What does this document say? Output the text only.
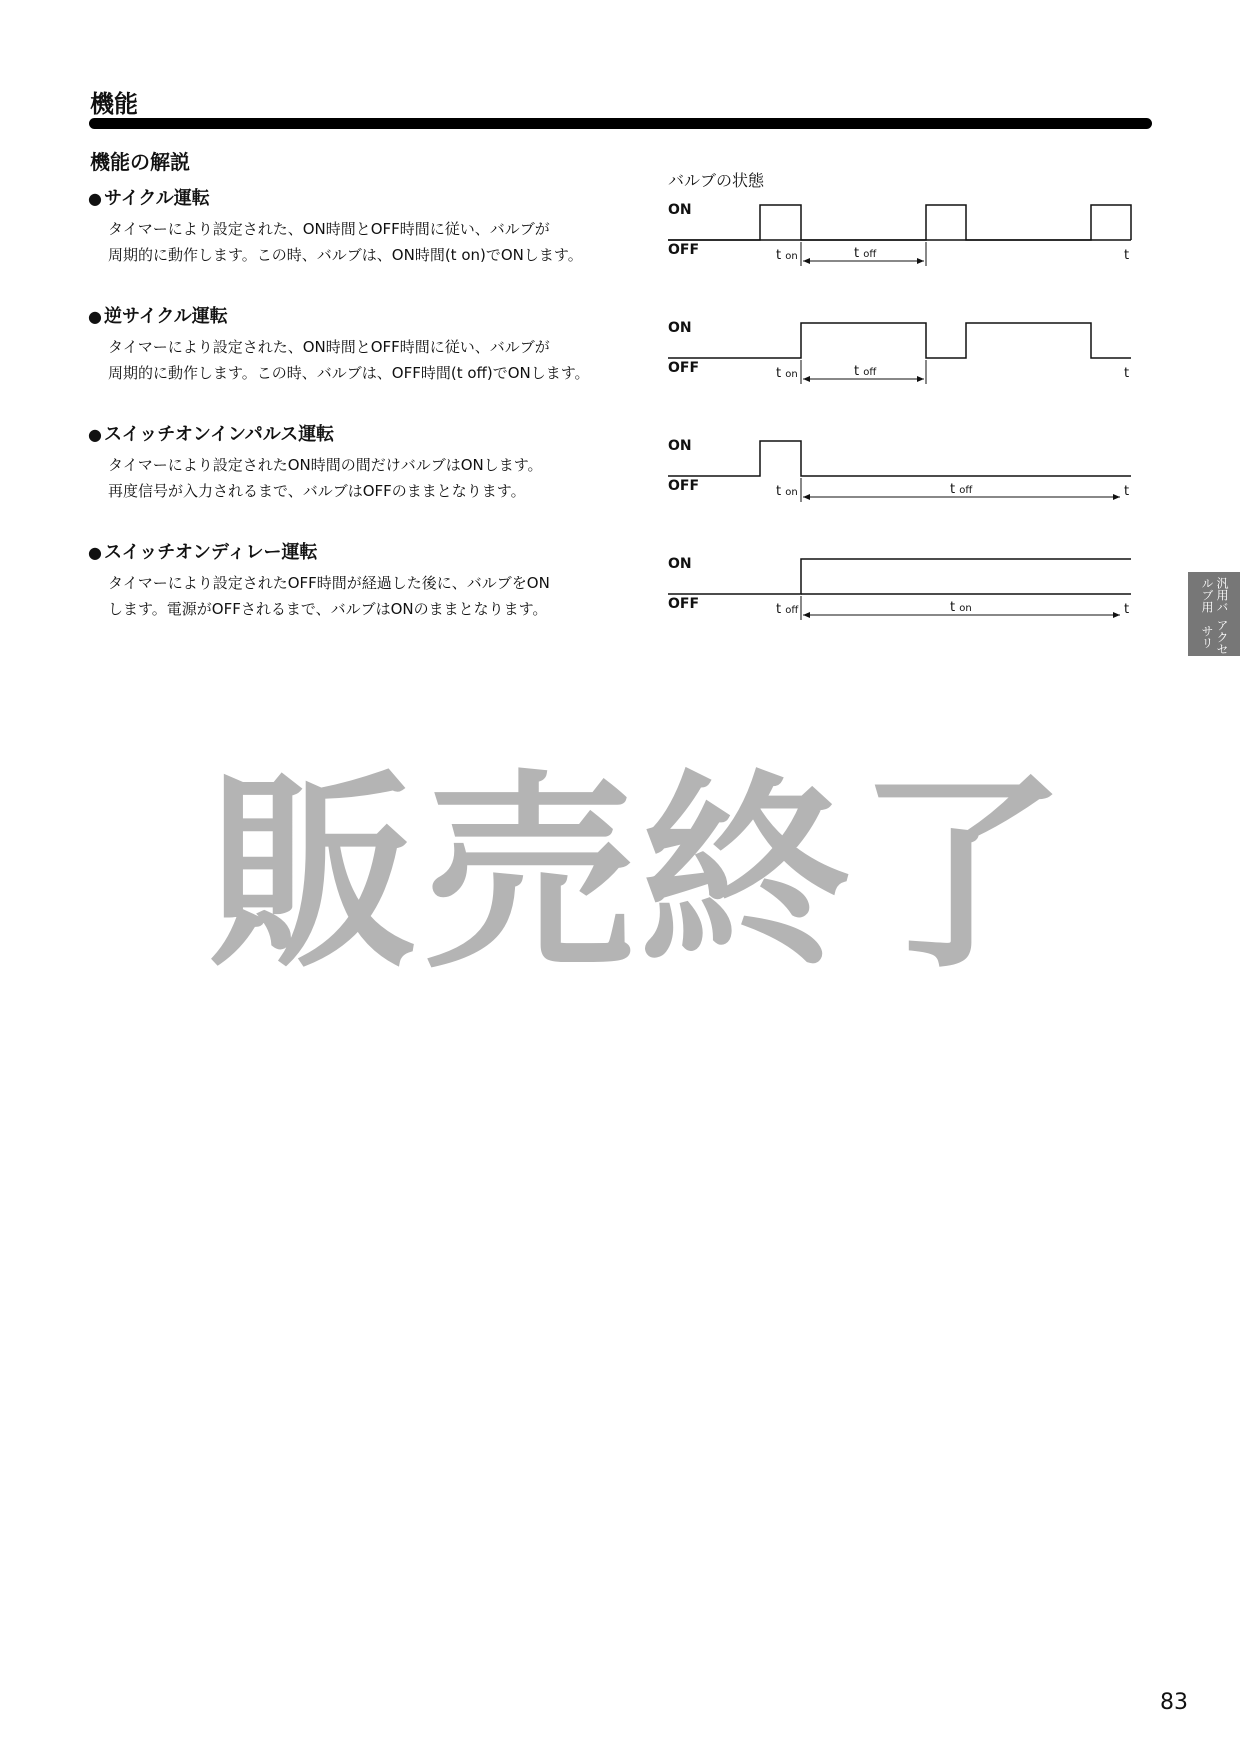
機能
機能の解説
バルブの状態

● サイクル運転

タイマーにより設定された、ON時間とOFF時間に従い、バルブが
周期的に動作します。この時、バルブは、ON時間(t on)でONします。

ON
OFF	t on	t off	t

● 逆サイクル運転

タイマーにより設定された、ON時間とOFF時間に従い、バルブが
周期的に動作します。この時、バルブは、OFF時間(t off)でONします。

ON
OFF	t on	t off	t

● スイッチオンインパルス運転

タイマーにより設定されたON時間の間だけバルブはONします。
再度信号が入力されるまで、バルブはOFFのままとなります。

ON
OFF	t on	t off	t

● スイッチオンディレー運転

タイマーにより設定されたOFF時間が経過した後に、バルブをON
します。電源がOFFされるまで、バルブはONのままとなります。

ON
OFF	t off	t on	t	汎用バルブ用
アクセサリ
販売終了
83
